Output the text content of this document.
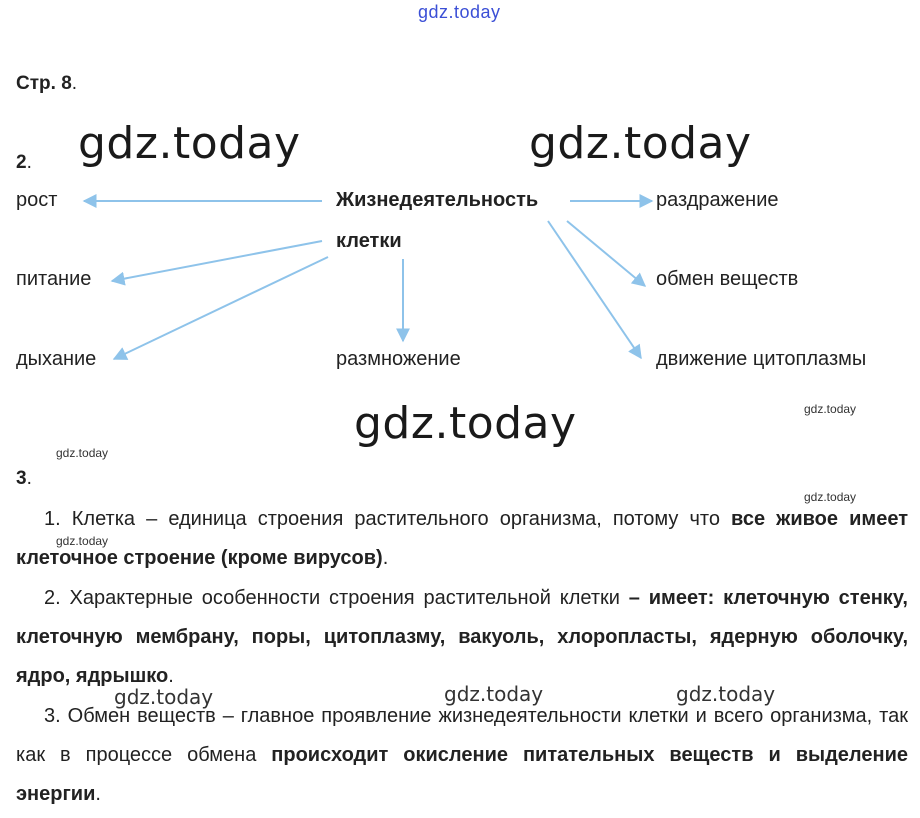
gdz.today
gdz.today	gdz.today
gdz.today	gdz.today
gdz.today
gdz.today
gdz.today
gdz.today	gdz.today	gdz.today
Стр. 8.
2.
Жизнедеятельность
клетки
рост
питание
дыхание	размножение
раздражение
обмен веществ
движение цитоплазмы
3.
1. Клетка – единица строения растительного организма, потому что все живое имеет клеточное строение (кроме вирусов).
2. Характерные особенности строения растительной клетки – имеет: клеточную стенку, клеточную мембрану, поры, цитоплазму, вакуоль, хлоропласты, ядерную оболочку, ядро, ядрышко.
3. Обмен веществ – главное проявление жизнедеятельности клетки и всего организма, так как в процессе обмена происходит окисление питательных веществ и выделение энергии.
